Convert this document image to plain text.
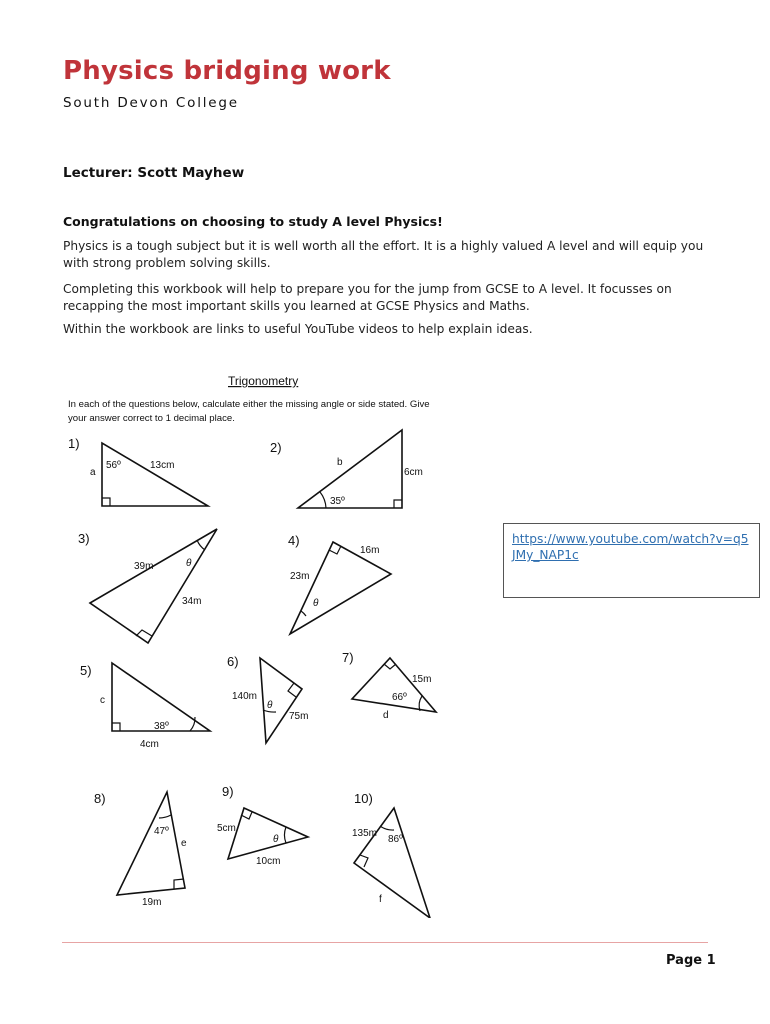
Physics bridging work
South Devon College
Lecturer: Scott Mayhew
Congratulations on choosing to study A level Physics!

Physics is a tough subject but it is well worth all the effort. It is a highly valued A level and will equip you with strong problem solving skills.

Completing this workbook will help to prepare you for the jump from GCSE to A level. It focusses on recapping the most important skills you learned at GCSE Physics and Maths.

Within the workbook are links to useful YouTube videos to help explain ideas.

Trigonometry
In each of the questions below, calculate either the missing angle or side stated. Give
your answer correct to 1 decimal place.
1)
a
56º	13cm
2)
b
6cm
35º
3)
39m	θ
34m
4)
16m
23m
θ
5)
c
38º
4cm
6)
140m
θ
75m
7)
15m
66º
d
8)
47º
e
19m
9)
5cm
θ
10cm
10)
135m
86º
f
https://www.youtube.com/watch?v=q5JMy_NAP1c
Page 1
